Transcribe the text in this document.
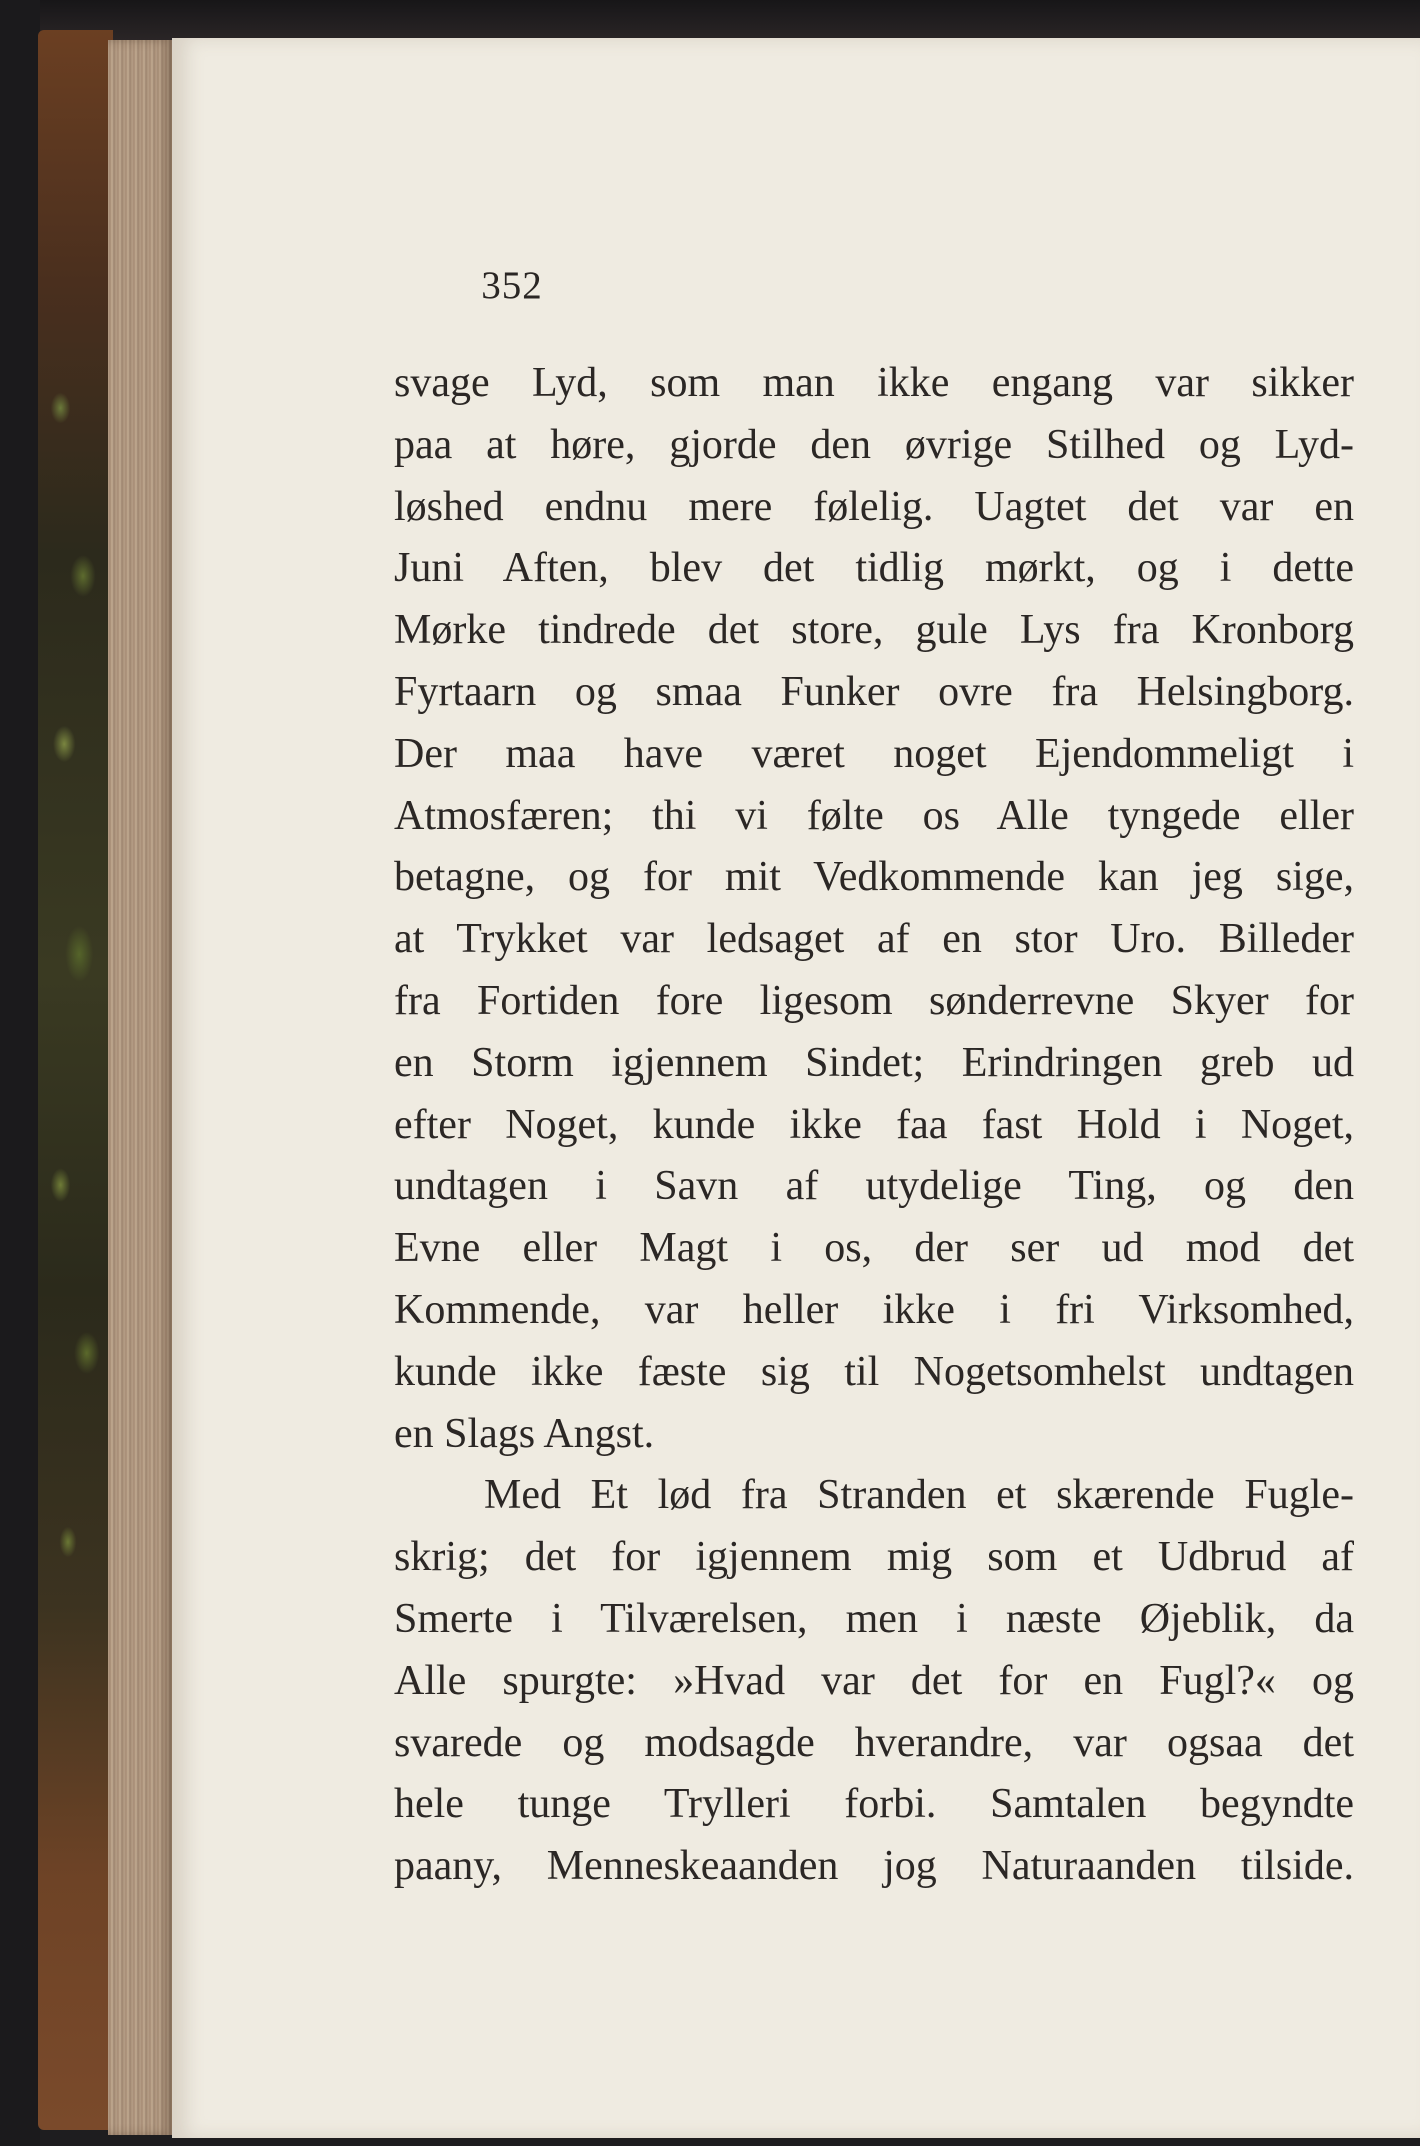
352

svage Lyd, som man ikke engang var sikker
paa at høre, gjorde den øvrige Stilhed og Lyd-
løshed endnu mere følelig. Uagtet det var en
Juni Aften, blev det tidlig mørkt, og i dette
Mørke tindrede det store, gule Lys fra Kronborg
Fyrtaarn og smaa Funker ovre fra Helsingborg.
Der maa have været noget Ejendommeligt i
Atmosfæren; thi vi følte os Alle tyngede eller
betagne, og for mit Vedkommende kan jeg sige,
at Trykket var ledsaget af en stor Uro. Billeder
fra Fortiden fore ligesom sønderrevne Skyer for
en Storm igjennem Sindet; Erindringen greb ud
efter Noget, kunde ikke faa fast Hold i Noget,
undtagen i Savn af utydelige Ting, og den
Evne eller Magt i os, der ser ud mod det
Kommende, var heller ikke i fri Virksomhed,
kunde ikke fæste sig til Nogetsomhelst undtagen
en Slags Angst.
Med Et lød fra Stranden et skærende Fugle-
skrig; det for igjennem mig som et Udbrud af
Smerte i Tilværelsen, men i næste Øjeblik, da
Alle spurgte: »Hvad var det for en Fugl?« og
svarede og modsagde hverandre, var ogsaa det
hele tunge Trylleri forbi. Samtalen begyndte
paany, Menneskeaanden jog Naturaanden tilside.
